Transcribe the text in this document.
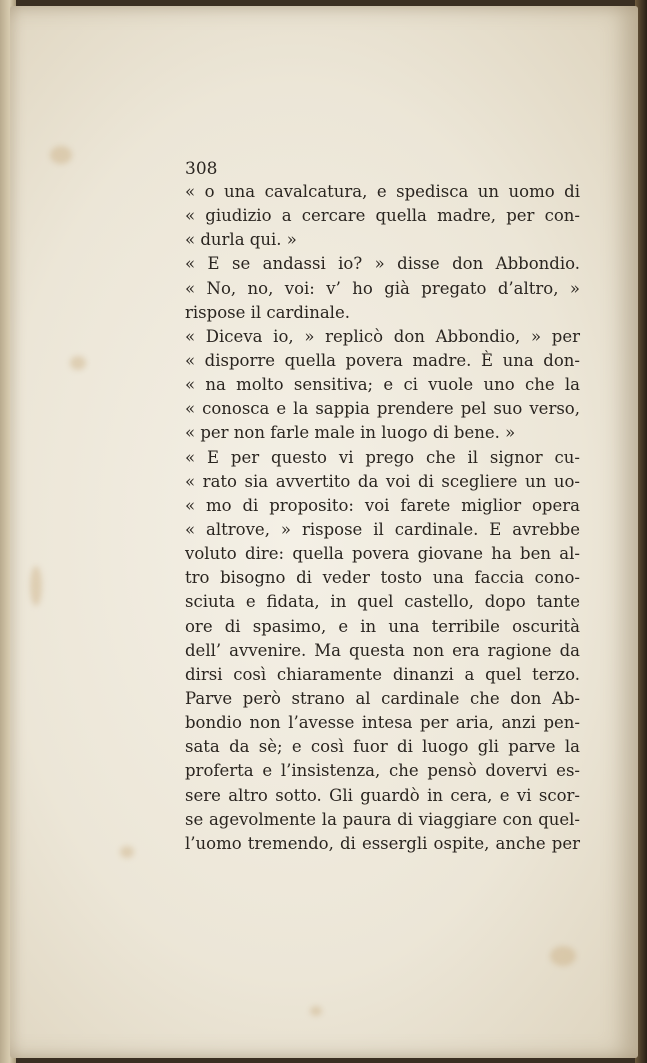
308
« o una cavalcatura, e spedisca un uomo di
« giudizio a cercare quella madre, per con-
« durla qui. »
« E se andassi io? » disse don Abbondio.
« No, no, voi: v’ ho già pregato d’altro, »
rispose il cardinale.
« Diceva io, » replicò don Abbondio, » per
« disporre quella povera madre. È una don-
« na molto sensitiva; e ci vuole uno che la
« conosca e la sappia prendere pel suo verso,
« per non farle male in luogo di bene. »
« E per questo vi prego che il signor cu-
« rato sia avvertito da voi di scegliere un uo-
« mo di proposito: voi farete miglior opera
« altrove, » rispose il cardinale. E avrebbe
voluto dire: quella povera giovane ha ben al-
tro bisogno di veder tosto una faccia cono-
sciuta e fidata, in quel castello, dopo tante
ore di spasimo, e in una terribile oscurità
dell’ avvenire. Ma questa non era ragione da
dirsi così chiaramente dinanzi a quel terzo.
Parve però strano al cardinale che don Ab-
bondio non l’avesse intesa per aria, anzi pen-
sata da sè; e così fuor di luogo gli parve la
proferta e l’insistenza, che pensò dovervi es-
sere altro sotto. Gli guardò in cera, e vi scor-
se agevolmente la paura di viaggiare con quel-
l’uomo tremendo, di essergli ospite, anche per
